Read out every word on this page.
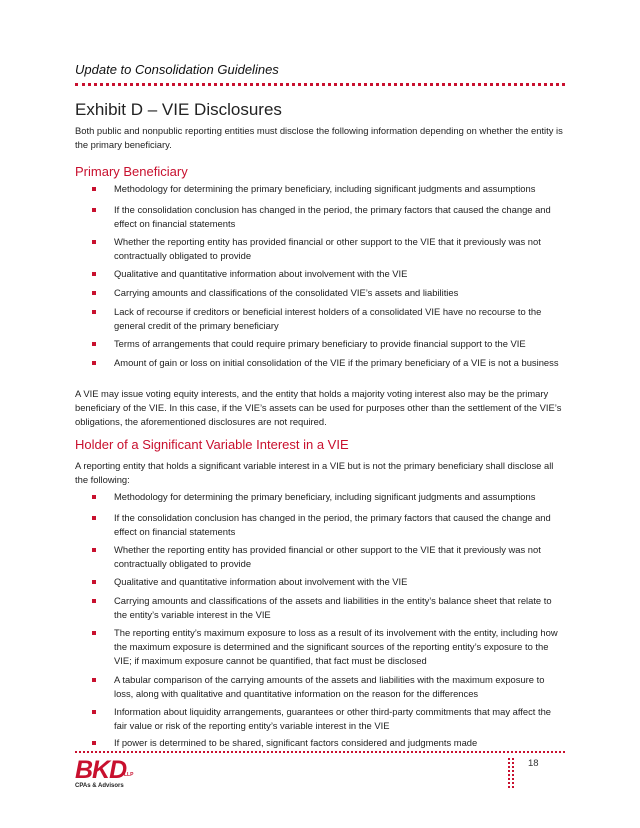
Update to Consolidation Guidelines
Exhibit D – VIE Disclosures

Both public and nonpublic reporting entities must disclose the following information depending on whether the entity is the primary beneficiary.

Primary Beneficiary
Methodology for determining the primary beneficiary, including significant judgments and assumptions
If the consolidation conclusion has changed in the period, the primary factors that caused the change and effect on financial statements
Whether the reporting entity has provided financial or other support to the VIE that it previously was not contractually obligated to provide
Qualitative and quantitative information about involvement with the VIE
Carrying amounts and classifications of the consolidated VIE’s assets and liabilities
Lack of recourse if creditors or beneficial interest holders of a consolidated VIE have no recourse to the general credit of the primary beneficiary
Terms of arrangements that could require primary beneficiary to provide financial support to the VIE
Amount of gain or loss on initial consolidation of the VIE if the primary beneficiary of a VIE is not a business

A VIE may issue voting equity interests, and the entity that holds a majority voting interest also may be the primary beneficiary of the VIE. In this case, if the VIE’s assets can be used for purposes other than the settlement of the VIE’s obligations, the aforementioned disclosures are not required.

Holder of a Significant Variable Interest in a VIE

A reporting entity that holds a significant variable interest in a VIE but is not the primary beneficiary shall disclose all the following:

Methodology for determining the primary beneficiary, including significant judgments and assumptions
If the consolidation conclusion has changed in the period, the primary factors that caused the change and effect on financial statements
Whether the reporting entity has provided financial or other support to the VIE that it previously was not contractually obligated to provide
Qualitative and quantitative information about involvement with the VIE
Carrying amounts and classifications of the assets and liabilities in the entity’s balance sheet that relate to the entity’s variable interest in the VIE
The reporting entity’s maximum exposure to loss as a result of its involvement with the entity, including how the maximum exposure is determined and the significant sources of the reporting entity’s exposure to the VIE; if maximum exposure cannot be quantified, that fact must be disclosed
A tabular comparison of the carrying amounts of the assets and liabilities with the maximum exposure to loss, along with qualitative and quantitative information on the reason for the differences
Information about liquidity arrangements, guarantees or other third-party commitments that may affect the fair value or risk of the reporting entity’s variable interest in the VIE
If power is determined to be shared, significant factors considered and judgments made
BKD
LLP
CPAs & Advisors
18
